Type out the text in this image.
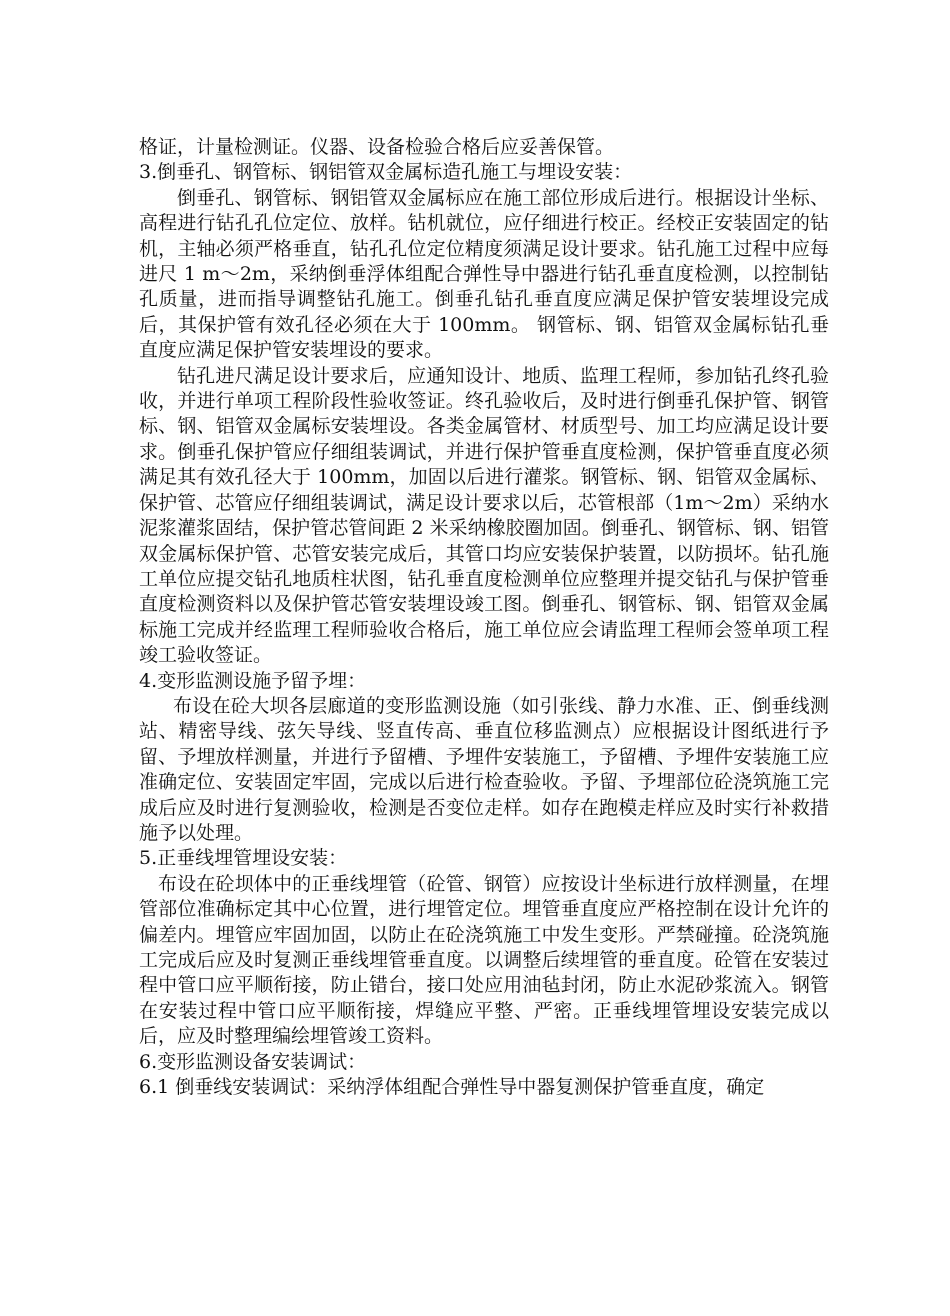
格证，计量检测证。仪器、设备检验合格后应妥善保管。

3.倒垂孔、钢管标、钢铝管双金属标造孔施工与埋设安装：

倒垂孔、钢管标、钢铝管双金属标应在施工部位形成后进行。根据设计坐标、高程进行钻孔孔位定位、放样。钻机就位，应仔细进行校正。经校正安装固定的钻机，主轴必须严格垂直，钻孔孔位定位精度须满足设计要求。钻孔施工过程中应每进尺 1 m～2m，采纳倒垂浮体组配合弹性导中器进行钻孔垂直度检测，以控制钻孔质量，进而指导调整钻孔施工。倒垂孔钻孔垂直度应满足保护管安装埋设完成后，其保护管有效孔径必须在大于 100mm。 钢管标、钢、铝管双金属标钻孔垂直度应满足保护管安装埋设的要求。

钻孔进尺满足设计要求后，应通知设计、地质、监理工程师，参加钻孔终孔验收，并进行单项工程阶段性验收签证。终孔验收后，及时进行倒垂孔保护管、钢管标、钢、铝管双金属标安装埋设。各类金属管材、材质型号、加工均应满足设计要求。倒垂孔保护管应仔细组装调试，并进行保护管垂直度检测，保护管垂直度必须满足其有效孔径大于 100mm，加固以后进行灌浆。钢管标、钢、铝管双金属标、保护管、芯管应仔细组装调试，满足设计要求以后，芯管根部（1m～2m）采纳水泥浆灌浆固结，保护管芯管间距 2 米采纳橡胶圈加固。倒垂孔、钢管标、钢、铝管双金属标保护管、芯管安装完成后，其管口均应安装保护装置，以防损坏。钻孔施工单位应提交钻孔地质柱状图，钻孔垂直度检测单位应整理并提交钻孔与保护管垂直度检测资料以及保护管芯管安装埋设竣工图。倒垂孔、钢管标、钢、铝管双金属标施工完成并经监理工程师验收合格后，施工单位应会请监理工程师会签单项工程竣工验收签证。

4.变形监测设施予留予埋：

布设在砼大坝各层廊道的变形监测设施（如引张线、静力水准、正、倒垂线测站、精密导线、弦矢导线、竖直传高、垂直位移监测点）应根据设计图纸进行予留、予埋放样测量，并进行予留槽、予埋件安装施工，予留槽、予埋件安装施工应准确定位、安装固定牢固，完成以后进行检查验收。予留、予埋部位砼浇筑施工完成后应及时进行复测验收，检测是否变位走样。如存在跑模走样应及时实行补救措施予以处理。

5.正垂线埋管埋设安装：

布设在砼坝体中的正垂线埋管（砼管、钢管）应按设计坐标进行放样测量，在埋管部位准确标定其中心位置，进行埋管定位。埋管垂直度应严格控制在设计允许的偏差内。埋管应牢固加固，以防止在砼浇筑施工中发生变形。严禁碰撞。砼浇筑施工完成后应及时复测正垂线埋管垂直度。以调整后续埋管的垂直度。砼管在安装过程中管口应平顺衔接，防止错台，接口处应用油毡封闭，防止水泥砂浆流入。钢管在安装过程中管口应平顺衔接，焊缝应平整、严密。正垂线埋管埋设安装完成以后，应及时整理编绘埋管竣工资料。

6.变形监测设备安装调试：

6.1 倒垂线安装调试：采纳浮体组配合弹性导中器复测保护管垂直度，确定
